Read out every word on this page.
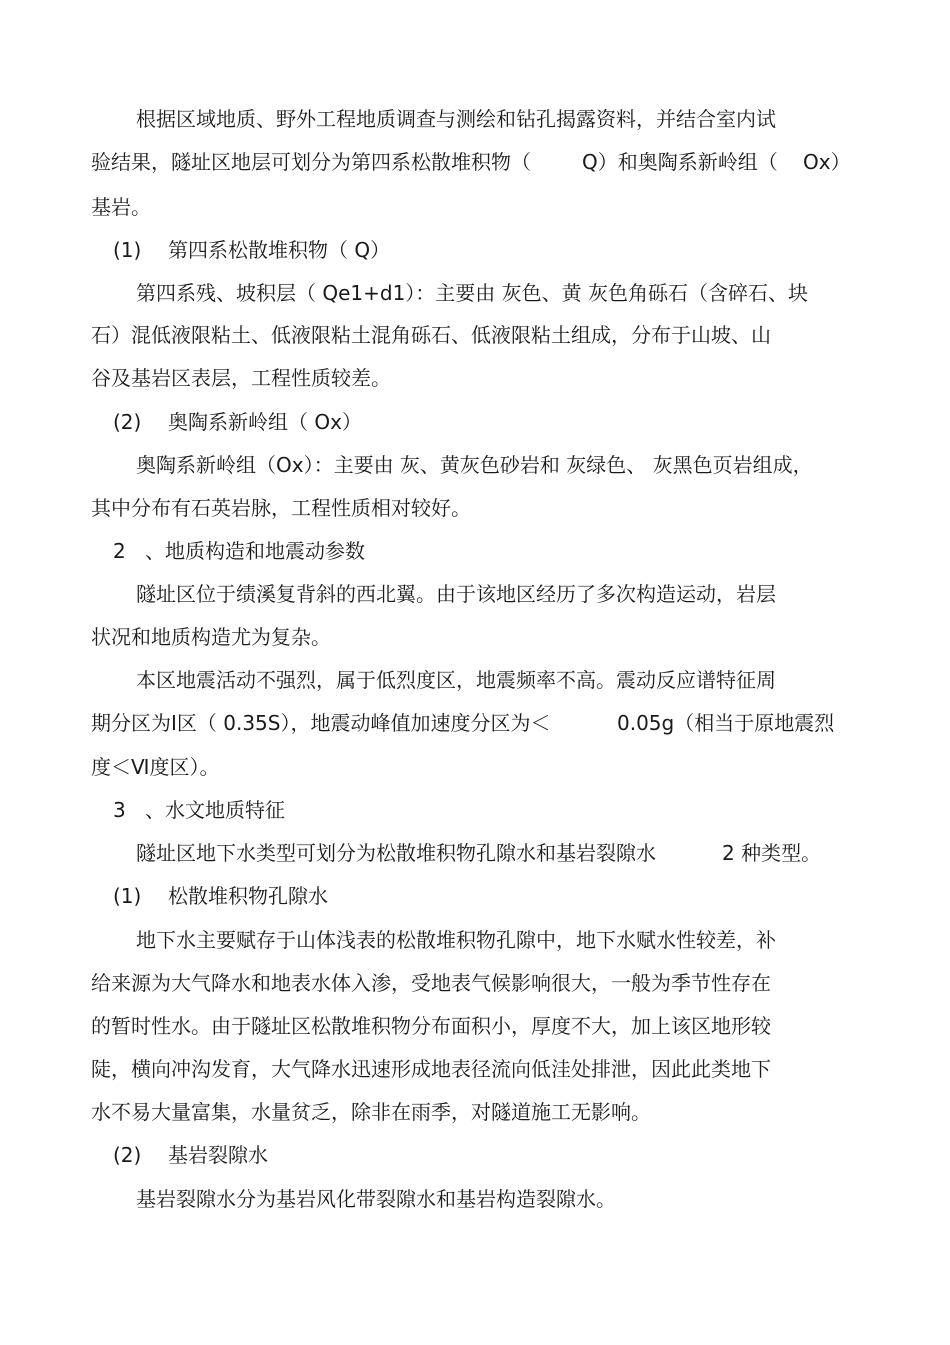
根据区域地质、野外工程地质调查与测绘和钻孔揭露资料，并结合室内试

验结果，隧址区地层可划分为第四系松散堆积物（

	Q）和奥陶系新岭组（

Ox）

基岩。

(1)

第四系松散堆积物（ Q）

第四系残、坡积层（ Qe1+d1）：主要由 灰色、黄 灰色角砾石（含碎石、块

石）混低液限粘土、低液限粘土混角砾石、低液限粘土组成，分布于山坡、山

谷及基岩区表层，工程性质较差。

(2)

奥陶系新岭组（ Ox）

奥陶系新岭组（Ox）：主要由 灰、黄灰色砂岩和 灰绿色、 灰黑色页岩组成，

其中分布有石英岩脉，工程性质相对较好。

2

、地质构造和地震动参数

隧址区位于绩溪复背斜的西北翼。由于该地区经历了多次构造运动，岩层

状况和地质构造尤为复杂。

本区地震活动不强烈，属于低烈度区，地震频率不高。震动反应谱特征周

期分区为Ⅰ区（ 0.35S），地震动峰值加速度分区为＜

	0.05g（相当于原地震烈

度＜Ⅵ度区）。

3

、水文地质特征

隧址区地下水类型可划分为松散堆积物孔隙水和基岩裂隙水

	2 种类型。

(1)

松散堆积物孔隙水

地下水主要赋存于山体浅表的松散堆积物孔隙中，地下水赋水性较差，补

给来源为大气降水和地表水体入渗，受地表气候影响很大，一般为季节性存在

的暂时性水。由于隧址区松散堆积物分布面积小，厚度不大，加上该区地形较

陡，横向冲沟发育，大气降水迅速形成地表径流向低洼处排泄，因此此类地下

水不易大量富集，水量贫乏，除非在雨季，对隧道施工无影响。

(2)

基岩裂隙水

基岩裂隙水分为基岩风化带裂隙水和基岩构造裂隙水。
